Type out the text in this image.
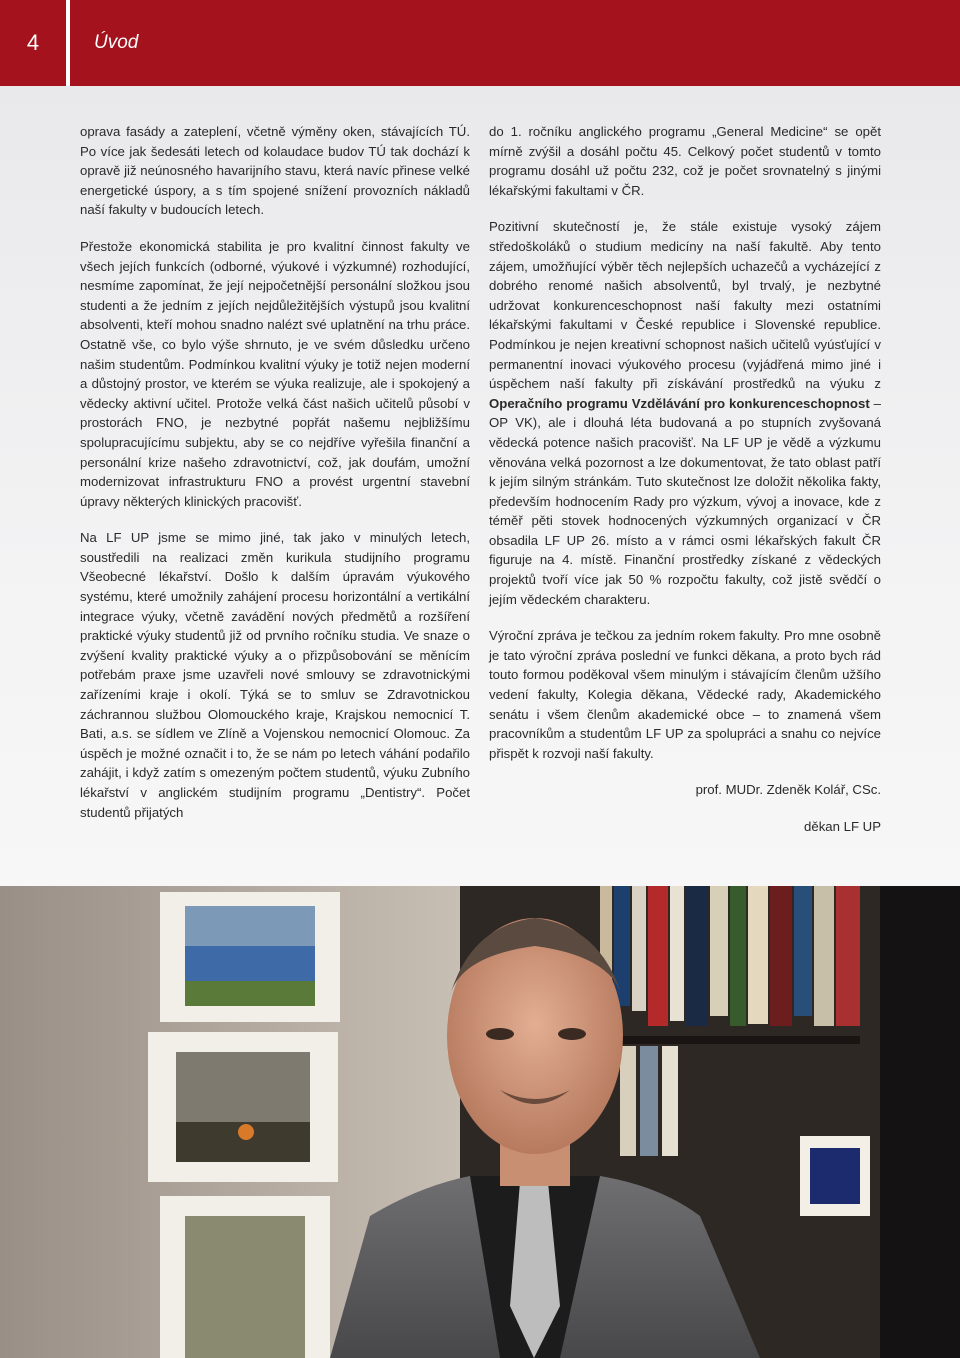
4	Úvod

oprava fasády a zateplení, včetně výměny oken, stávajících TÚ. Po více jak šedesáti letech od kolaudace budov TÚ tak dochází k opravě již neúnosného havarijního stavu, která navíc přinese velké energetické úspory, a s tím spojené snížení provozních nákladů naší fakulty v budoucích letech.

Přestože ekonomická stabilita je pro kvalitní činnost fakulty ve všech jejích funkcích (odborné, výukové i výzkumné) rozhodující, nesmíme zapomínat, že její nejpočetnější personální složkou jsou studenti a že jedním z jejích nejdůležitějších výstupů jsou kvalitní absolventi, kteří mohou snadno nalézt své uplatnění na trhu práce. Ostatně vše, co bylo výše shrnuto, je ve svém důsledku určeno našim studentům. Podmínkou kvalitní výuky je totiž nejen moderní a důstojný prostor, ve kterém se výuka realizuje, ale i spokojený a vědecky aktivní učitel. Protože velká část našich učitelů působí v prostorách FNO, je nezbytné popřát našemu nejbližšímu spolupracujícímu subjektu, aby se co nejdříve vyřešila finanční a personální krize našeho zdravotnictví, což, jak doufám, umožní modernizovat infrastrukturu FNO a provést urgentní stavební úpravy některých klinických pracovišť.

Na LF UP jsme se mimo jiné, tak jako v minulých letech, soustředili na realizaci změn kurikula studijního programu Všeobecné lékařství. Došlo k dalším úpravám výukového systému, které umožnily zahájení procesu horizontální a vertikální integrace výuky, včetně zavádění nových předmětů a rozšíření praktické výuky studentů již od prvního ročníku studia. Ve snaze o zvýšení kvality praktické výuky a o přizpůsobování se měnícím potřebám praxe jsme uzavřeli nové smlouvy se zdravotnickými zařízeními kraje i okolí. Týká se to smluv se Zdravotnickou záchrannou službou Olomouckého kraje, Krajskou nemocnicí T. Bati, a.s. se sídlem ve Zlíně a Vojenskou nemocnicí Olomouc. Za úspěch je možné označit i to, že se nám po letech váhání podařilo zahájit, i když zatím s omezeným počtem studentů, výuku Zubního lékařství v anglickém studijním programu „Dentistry“. Počet studentů přijatých

do 1. ročníku anglického programu „General Medicine“ se opět mírně zvýšil a dosáhl počtu 45. Celkový počet studentů v tomto programu dosáhl už počtu 232, což je počet srovnatelný s jinými lékařskými fakultami v ČR.

Pozitivní skutečností je, že stále existuje vysoký zájem středoškoláků o studium medicíny na naší fakultě. Aby tento zájem, umožňující výběr těch nejlepších uchazečů a vycházející z dobrého renomé našich absolventů, byl trvalý, je nezbytné udržovat konkurenceschopnost naší fakulty mezi ostatními lékařskými fakultami v České republice i Slovenské republice. Podmínkou je nejen kreativní schopnost našich učitelů vyúsťující v permanentní inovaci výukového procesu (vyjádřená mimo jiné i úspěchem naší fakulty při získávání prostředků na výuku z Operačního programu Vzdělávání pro konkurenceschopnost – OP VK), ale i dlouhá léta budovaná a po stupních zvyšovaná vědecká potence našich pracovišť. Na LF UP je vědě a výzkumu věnována velká pozornost a lze dokumentovat, že tato oblast patří k jejím silným stránkám. Tuto skutečnost lze doložit několika fakty, především hodnocením Rady pro výzkum, vývoj a inovace, kde z téměř pěti stovek hodnocených výzkumných organizací v ČR obsadila LF UP 26. místo a v rámci osmi lékařských fakult ČR figuruje na 4. místě. Finanční prostředky získané z vědeckých projektů tvoří více jak 50 % rozpočtu fakulty, což jistě svědčí o jejím vědeckém charakteru.

Výroční zpráva je tečkou za jedním rokem fakulty. Pro mne osobně je tato výroční zpráva poslední ve funkci děkana, a proto bych rád touto formou poděkoval všem minulým i stávajícím členům užšího vedení fakulty, Kolegia děkana, Vědecké rady, Akademického senátu i všem členům akademické obce – to znamená všem pracovníkům a studentům LF UP za spolupráci a snahu co nejvíce přispět k rozvoji naší fakulty.

prof. MUDr. Zdeněk Kolář, CSc.

děkan LF UP
